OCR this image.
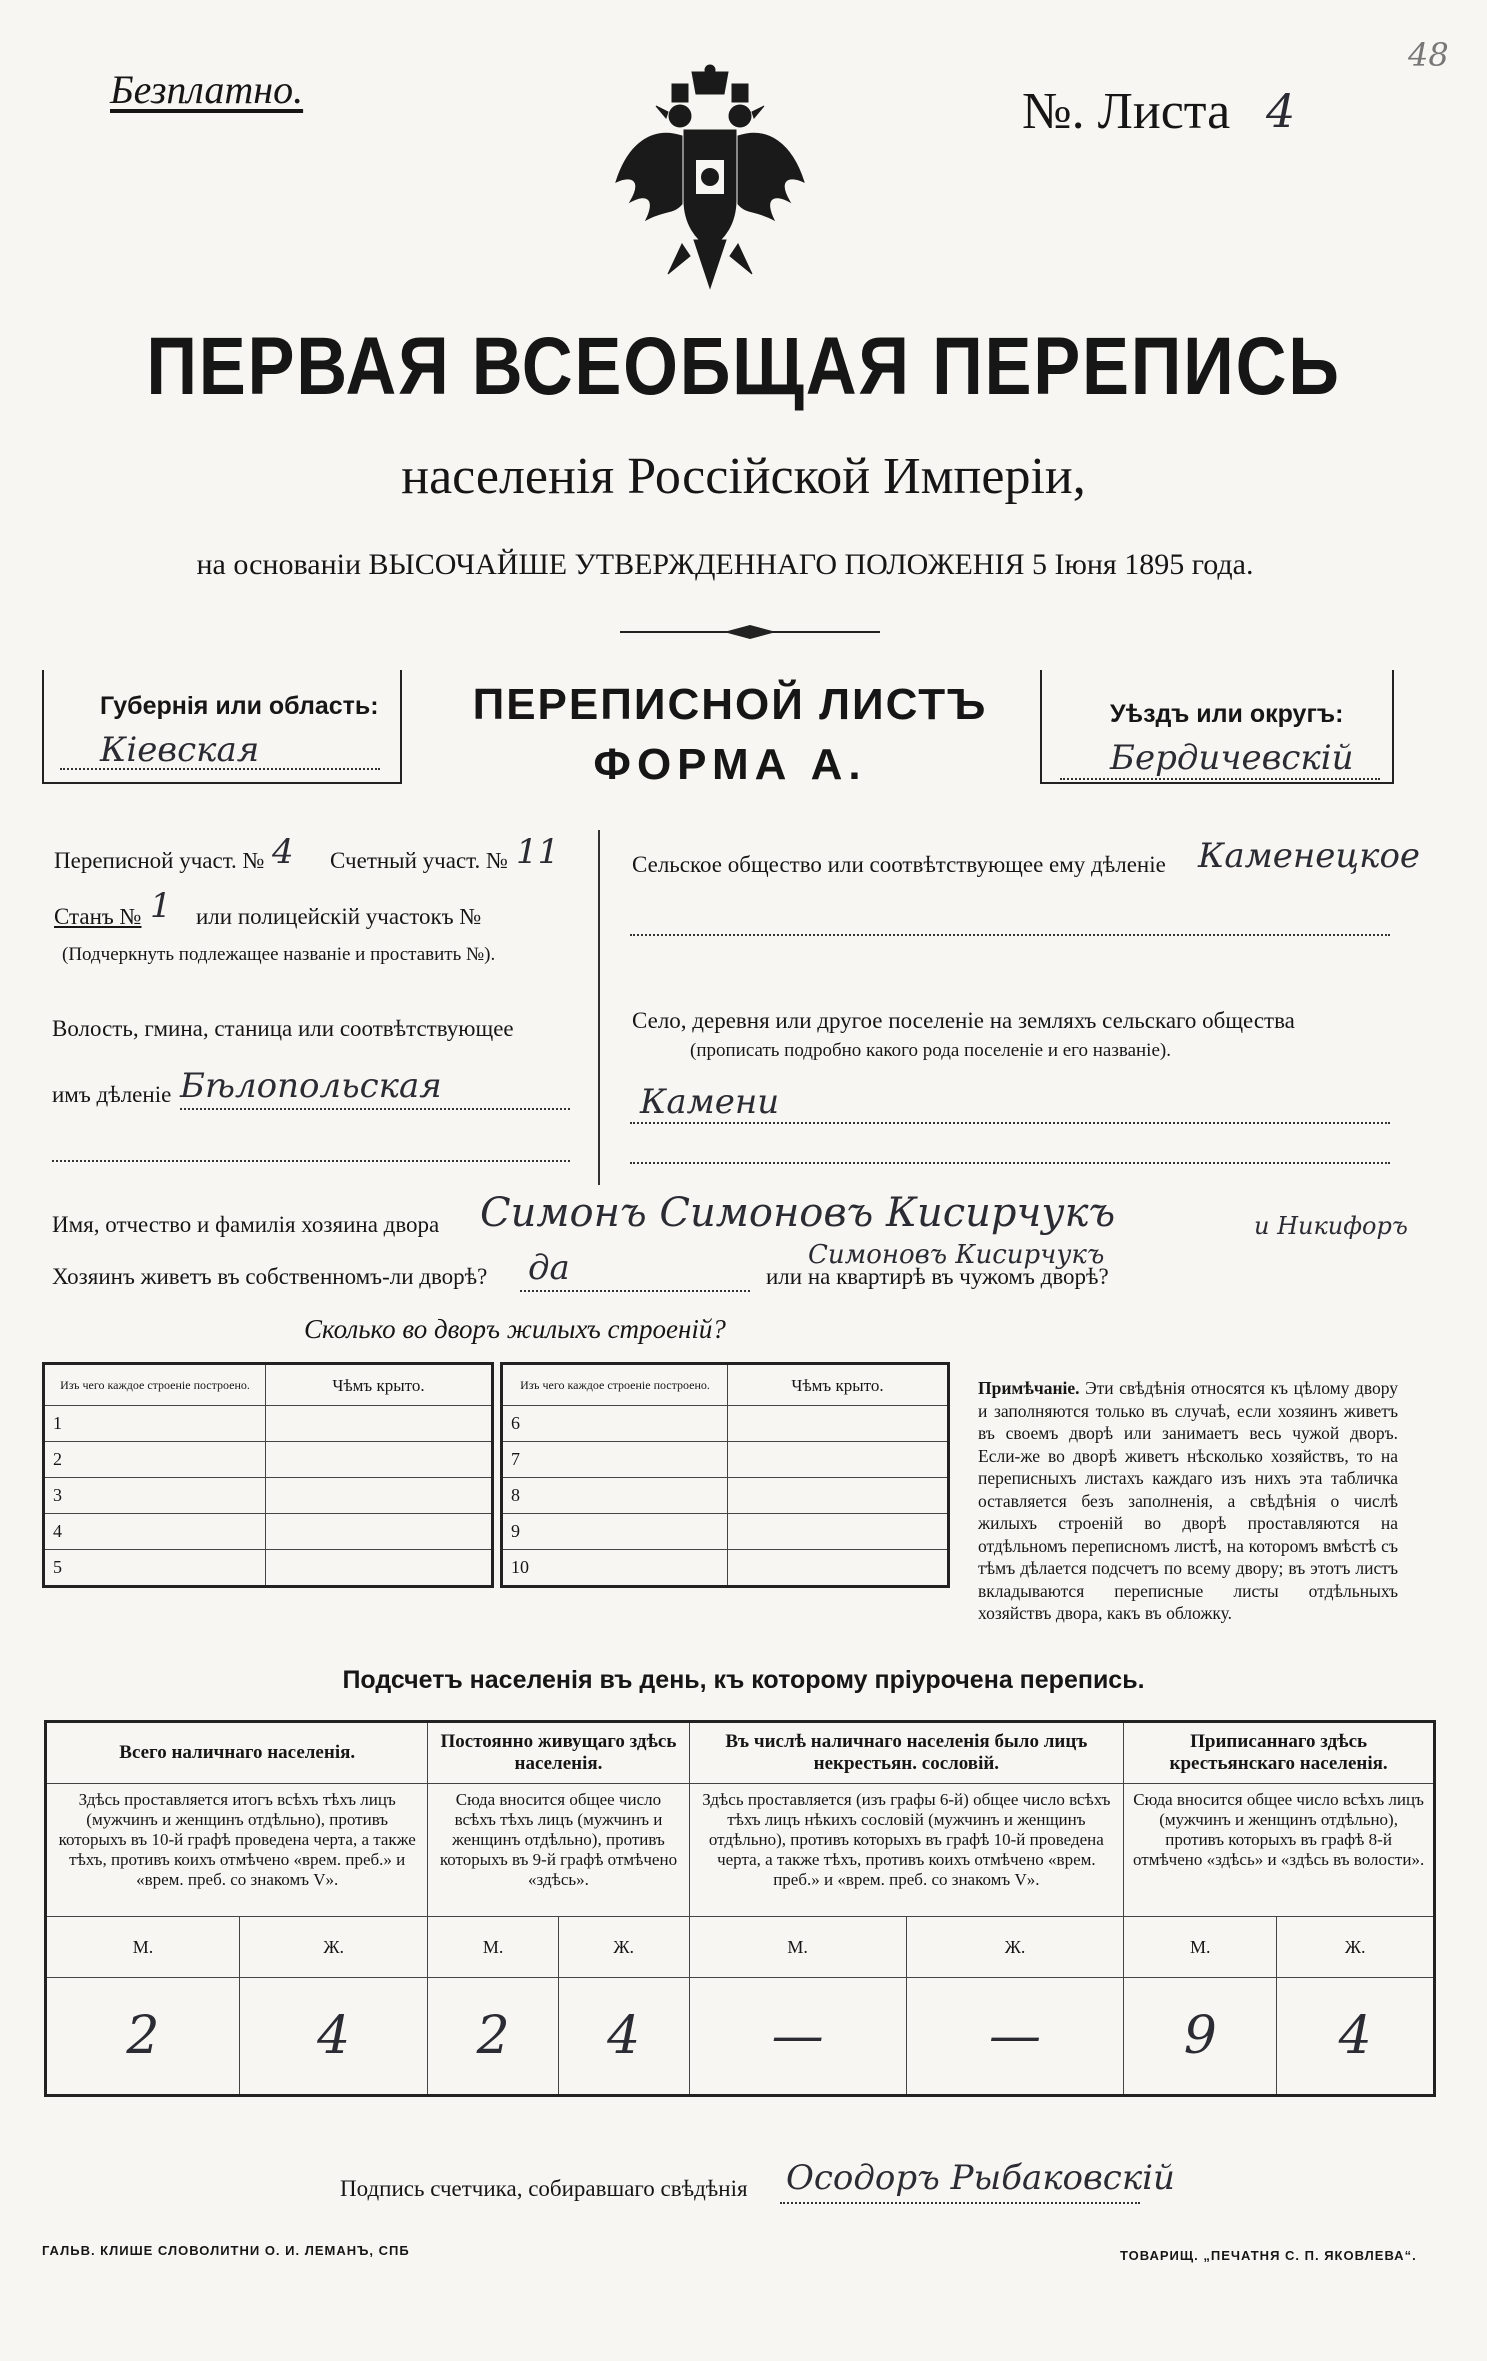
Безплатно.	№. Листа 4
48
ПЕРВАЯ ВСЕОБЩАЯ ПЕРЕПИСЬ
населенія Россійской Имперіи,
на основаніи ВЫСОЧАЙШЕ УТВЕРЖДЕННАГО ПОЛОЖЕНІЯ 5 Іюня 1895 года.
Губернія или область:
Кіевская
ПЕРЕПИСНОЙ ЛИСТЪ
ФОРМА А.
Уѣздъ или округъ:
Бердичевскій
Переписной участ. № 4 Счетный участ. № 11
Станъ № 1 или полицейскій участокъ №
(Подчеркнуть подлежащее названіе и проставить №).
Волость, гмина, станица или соотвѣтствующее
имъ дѣленіе Бѣлопольская
Сельское общество или соотвѣтствующее ему дѣленіе Каменецкое
Село, деревня или другое поселеніе на земляхъ сельскаго общества
(прописать подробно какого рода поселеніе и его названіе).
Камени
Имя, отчество и фамилія хозяина двора Симонъ Симоновъ Кисирчукъ	и Никифоръ
Симоновъ Кисирчукъ
Хозяинъ живетъ въ собственномъ-ли дворѣ? да	или на квартирѣ въ чужомъ дворѣ?
Сколько во дворъ жилыхъ строеній?
Изъ чего каждое строеніе построено.	Чѣмъ крыто.
1	
2	
3	
4	
5	
Изъ чего каждое строеніе построено.	Чѣмъ крыто.
6	
7	
8	
9	
10	
Примѣчаніе. Эти свѣдѣнія относятся къ цѣлому двору и заполняются только въ случаѣ, если хозяинъ живетъ въ своемъ дворѣ или занимаетъ весь чужой дворъ. Если-же во дворѣ живетъ нѣсколько хозяйствъ, то на переписныхъ листахъ каждаго изъ нихъ эта табличка оставляется безъ заполненія, а свѣдѣнія о числѣ жилыхъ строеній во дворѣ проставляются на отдѣльномъ переписномъ листѣ, на которомъ вмѣстѣ съ тѣмъ дѣлается подсчетъ по всему двору; въ этотъ листъ вкладываются переписные листы отдѣльныхъ хозяйствъ двора, какъ въ обложку.
Подсчетъ населенія въ день, къ которому пріурочена перепись.
Всего наличнаго населенія.		Постоянно живущаго здѣсь населенія.		Въ числѣ наличнаго населенія было лицъ некрестьян. сословій.		Приписаннаго здѣсь крестьянскаго населенія.	
Здѣсь проставляется итогъ всѣхъ тѣхъ лицъ (мужчинъ и женщинъ отдѣльно), противъ которыхъ въ 10-й графѣ проведена черта, а также тѣхъ, противъ коихъ отмѣчено «врем. преб.» и «врем. преб. со знакомъ V».		Сюда вносится общее число всѣхъ тѣхъ лицъ (мужчинъ и женщинъ отдѣльно), противъ которыхъ въ 9-й графѣ отмѣчено «здѣсь».		Здѣсь проставляется (изъ графы 6-й) общее число всѣхъ тѣхъ лицъ нѣкихъ сословій (мужчинъ и женщинъ отдѣльно), противъ которыхъ въ графѣ 10-й проведена черта, а также тѣхъ, противъ коихъ отмѣчено «врем. преб.» и «врем. преб. со знакомъ V».		Сюда вносится общее число всѣхъ лицъ (мужчинъ и женщинъ отдѣльно), противъ которыхъ въ графѣ 8-й отмѣчено «здѣсь» и «здѣсь въ волости».	
М.	Ж.	М.	Ж.	М.	Ж.	М.	Ж.
2	4	2	4	—	—	9	4
Подпись счетчика, собиравшаго свѣдѣнія Осодоръ Рыбаковскій
ГАЛЬВ. КЛИШЕ СЛОВОЛИТНИ О. И. ЛЕМАНЪ, СПБ	ТОВАРИЩ. „ПЕЧАТНЯ С. П. ЯКОВЛЕВА“.
